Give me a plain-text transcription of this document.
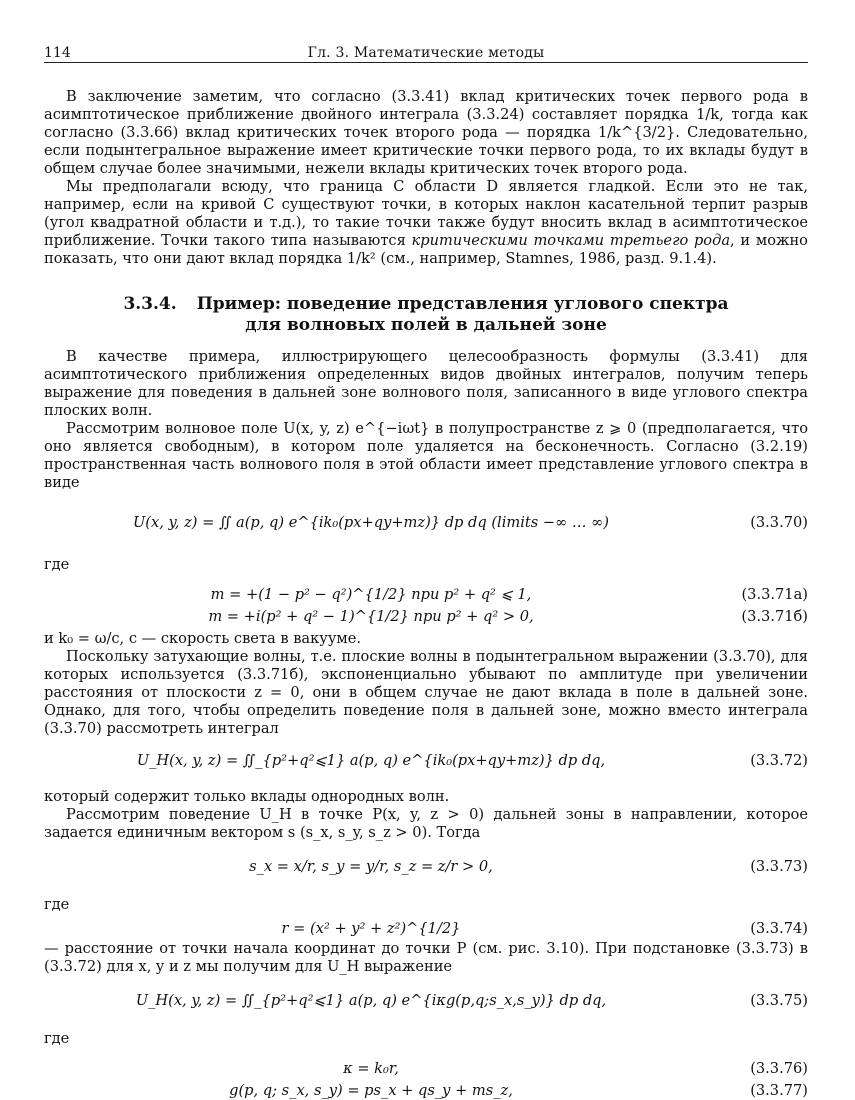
114	Гл. 3. Математические методы

В заключение заметим, что согласно (3.3.41) вклад критических точек первого рода в асимптотическое приближение двойного интеграла (3.3.24) составляет порядка 1/k, тогда как согласно (3.3.66) вклад критических точек второго рода — порядка 1/k^{3/2}. Следовательно, если подынтегральное выражение имеет критические точки первого рода, то их вклады будут в общем случае более значимыми, нежели вклады критических точек второго рода.

Мы предполагали всюду, что граница C области D является гладкой. Если это не так, например, если на кривой C существуют точки, в которых наклон касательной терпит разрыв (угол квадратной области и т.д.), то такие точки также будут вносить вклад в асимптотическое приближение. Точки такого типа называются критическими точками третьего рода, и можно показать, что они дают вклад порядка 1/k² (см., например, Stamnes, 1986, разд. 9.1.4).

3.3.4. Пример: поведение представления углового спектра
для волновых полей в дальней зоне

В качестве примера, иллюстрирующего целесообразность формулы (3.3.41) для асимптотического приближения определенных видов двойных интегралов, получим теперь выражение для поведения в дальней зоне волнового поля, записанного в виде углового спектра плоских волн.

Рассмотрим волновое поле U(x, y, z) e^{−iωt} в полупространстве z ⩾ 0 (предполагается, что оно является свободным), в котором поле удаляется на бесконечность. Согласно (3.2.19) пространственная часть волнового поля в этой области имеет представление углового спектра в виде

U(x, y, z) = ∬ a(p, q) e^{ik₀(px+qy+mz)} dp dq (limits −∞ … ∞)	(3.3.70)

где

m = +(1 − p² − q²)^{1/2} при p² + q² ⩽ 1,	(3.3.71а)
m = +i(p² + q² − 1)^{1/2} при p² + q² > 0,	(3.3.71б)

и k₀ = ω/c, c — скорость света в вакууме.

Поскольку затухающие волны, т.е. плоские волны в подынтегральном выражении (3.3.70), для которых используется (3.3.71б), экспоненциально убывают по амплитуде при увеличении расстояния от плоскости z = 0, они в общем случае не дают вклада в поле в дальней зоне. Однако, для того, чтобы определить поведение поля в дальней зоне, можно вместо интеграла (3.3.70) рассмотреть интеграл

U_H(x, y, z) = ∬_{p²+q²⩽1} a(p, q) e^{ik₀(px+qy+mz)} dp dq,	(3.3.72)

который содержит только вклады однородных волн.

Рассмотрим поведение U_H в точке P(x, y, z > 0) дальней зоны в направлении, которое задается единичным вектором s (s_x, s_y, s_z > 0). Тогда

s_x = x/r, s_y = y/r, s_z = z/r > 0,	(3.3.73)

где

r = (x² + y² + z²)^{1/2}	(3.3.74)

— расстояние от точки начала координат до точки P (см. рис. 3.10). При подстановке (3.3.73) в (3.3.72) для x, y и z мы получим для U_H выражение

U_H(x, y, z) = ∬_{p²+q²⩽1} a(p, q) e^{iκg(p,q;s_x,s_y)} dp dq,	(3.3.75)

где

κ = k₀r,	(3.3.76)
g(p, q; s_x, s_y) = ps_x + qs_y + ms_z,	(3.3.77)
